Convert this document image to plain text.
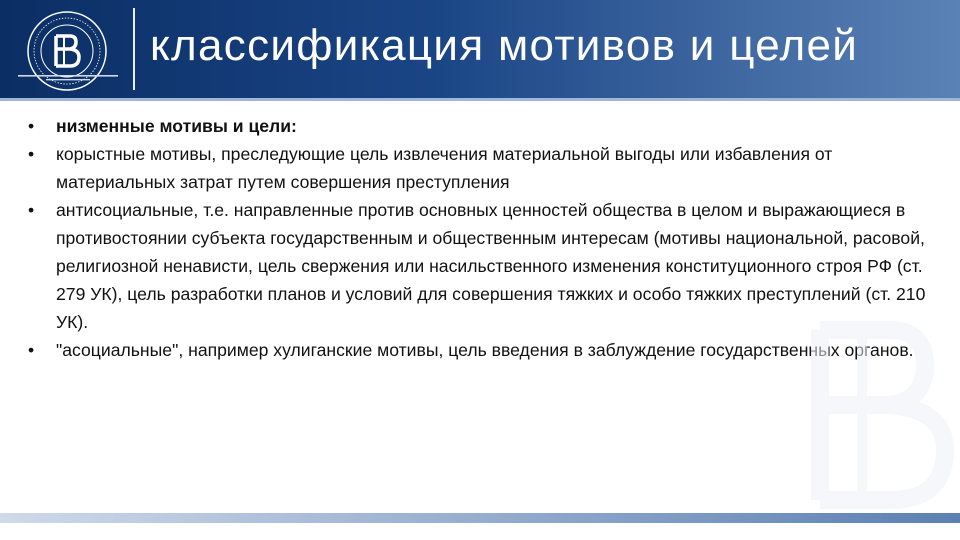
классификация мотивов и целей
•	низменные мотивы и цели:
•	корыстные мотивы, преследующие цель извлечения материальной выгоды или избавления от материальных затрат путем совершения преступления
•	антисоциальные, т.е. направленные против основных ценностей общества в целом и выражающиеся в противостоянии субъекта государственным и общественным интересам (мотивы национальной, расовой, религиозной ненависти, цель свержения или насильственного изменения конституционного строя РФ (ст. 279 УК), цель разработки планов и условий для совершения тяжких и особо тяжких преступлений (ст. 210 УК).
•	"асоциальные", например хулиганские мотивы, цель введения в заблуждение государственных органов.
